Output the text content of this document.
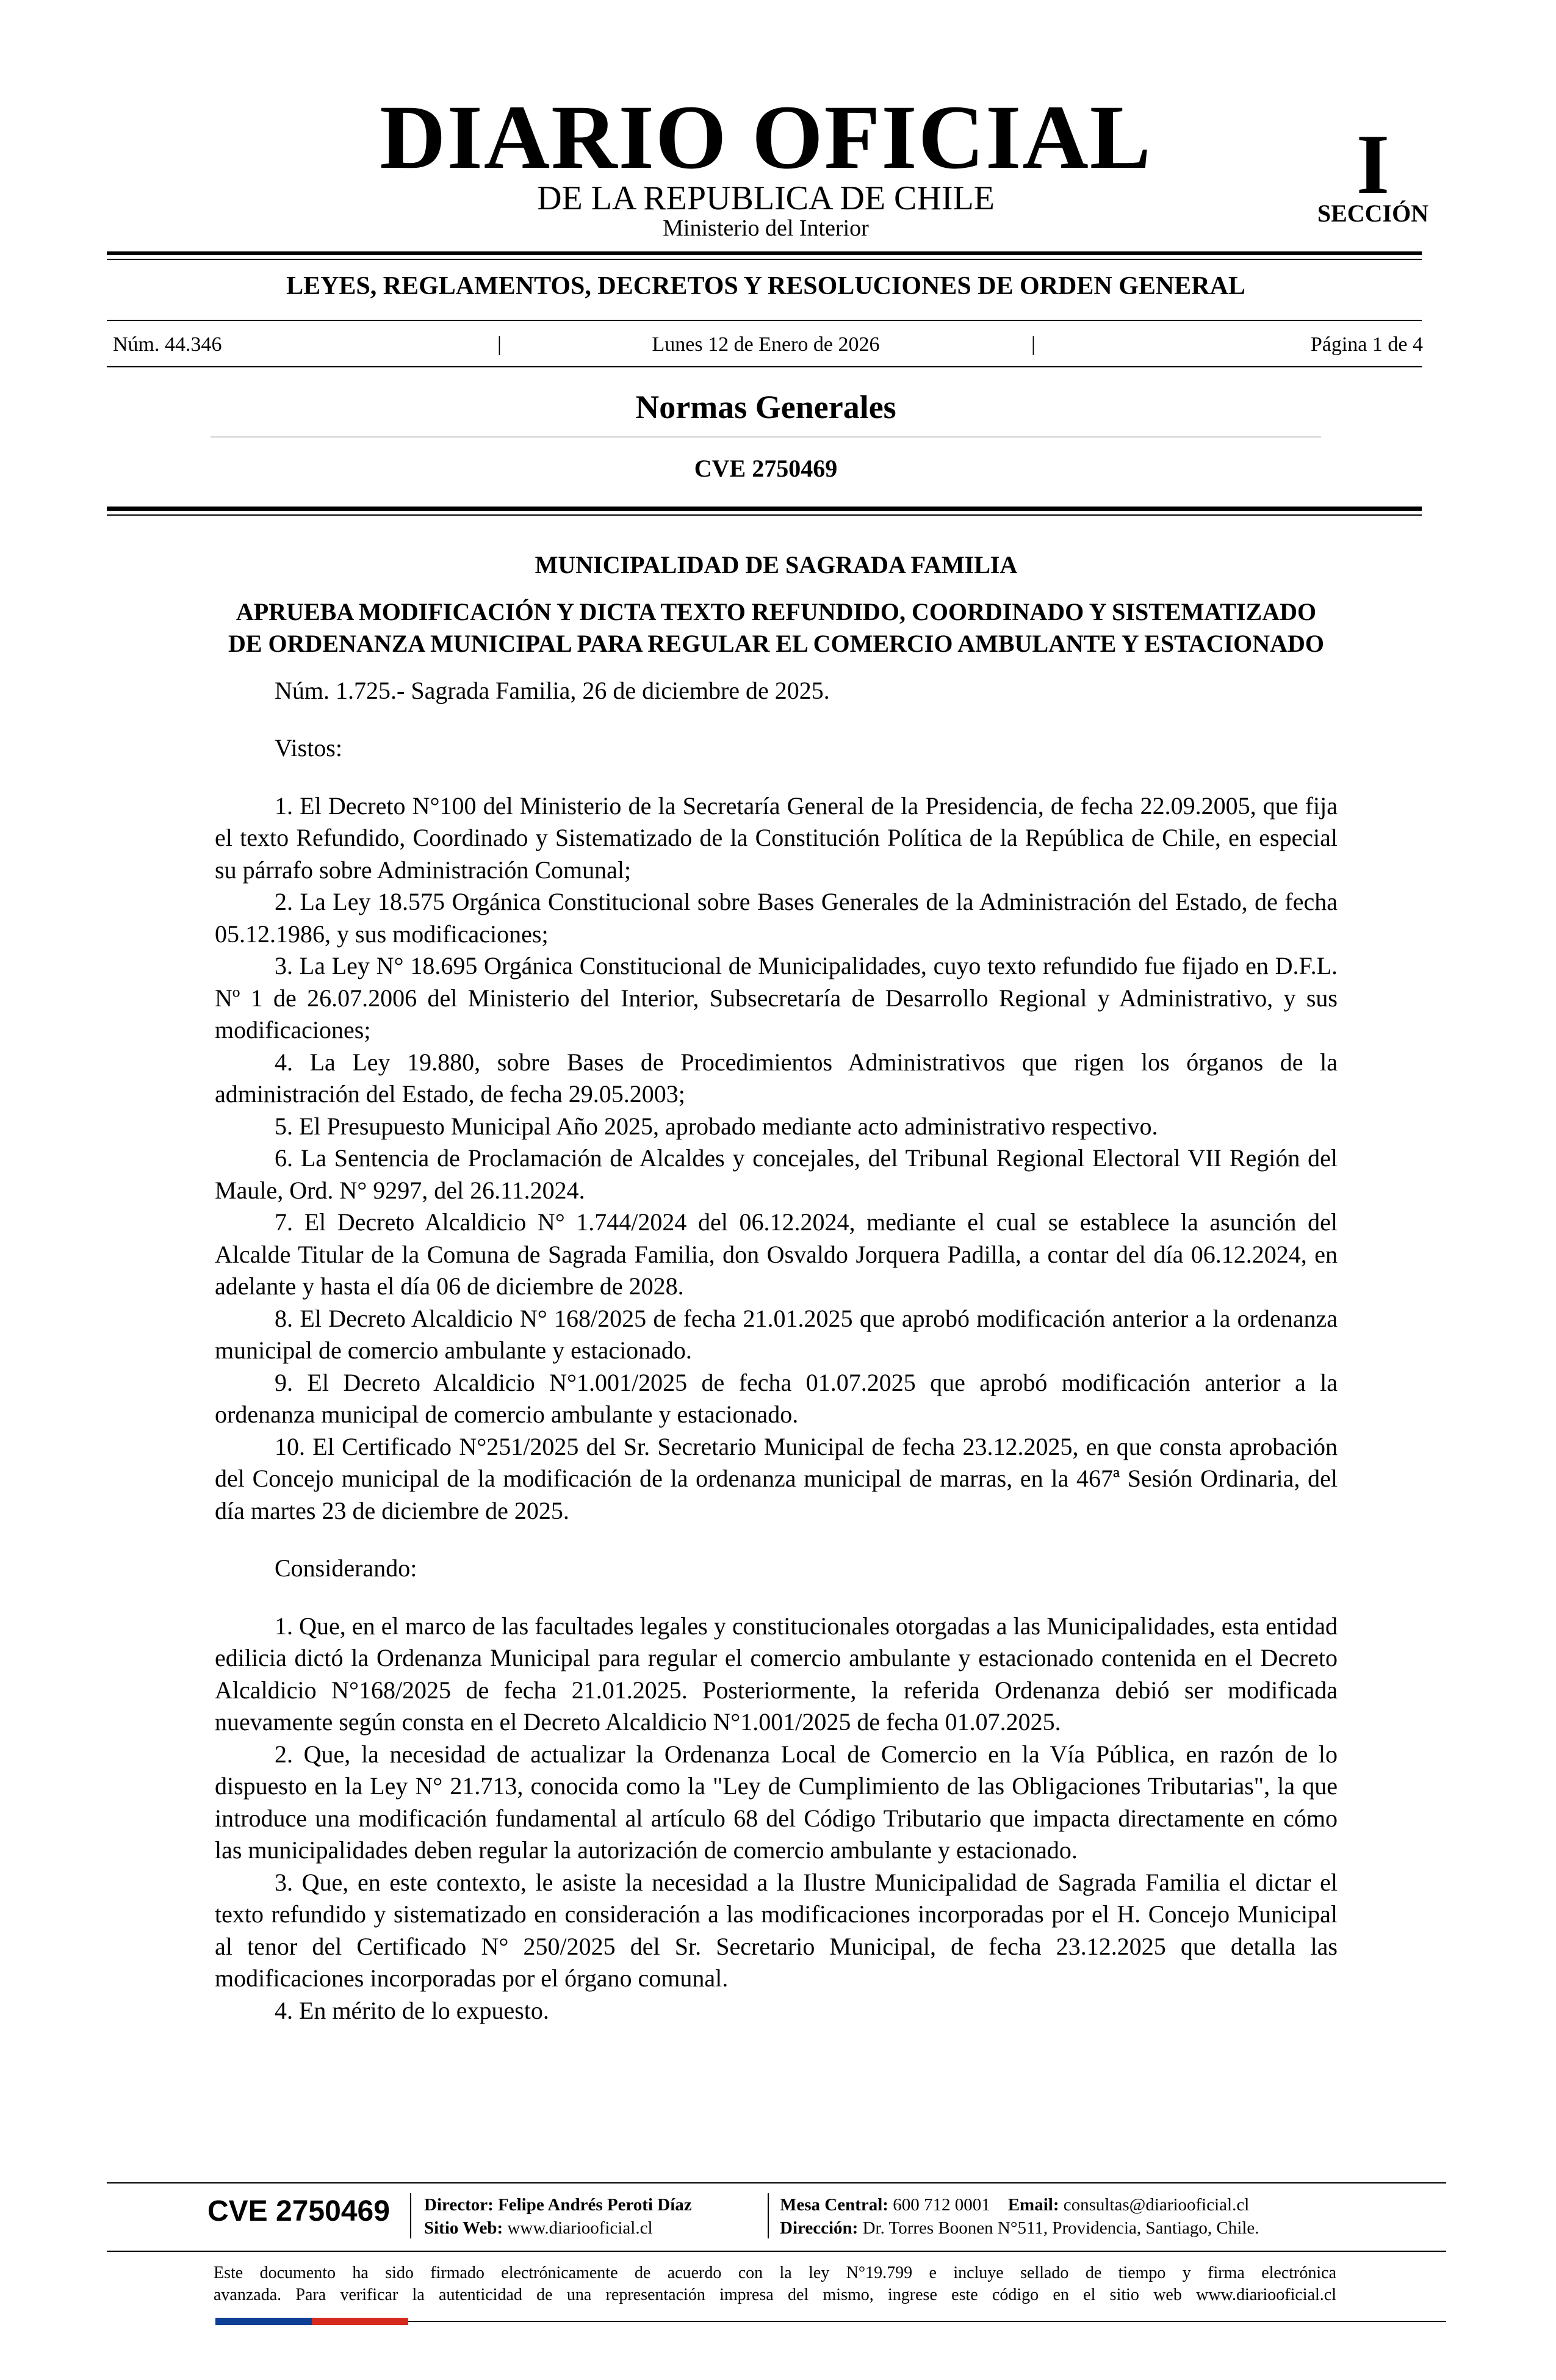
DIARIO OFICIAL
DE LA REPUBLICA DE CHILE
Ministerio del Interior
I
SECCIÓN
LEYES, REGLAMENTOS, DECRETOS Y RESOLUCIONES DE ORDEN GENERAL
Núm. 44.346	|	Lunes 12 de Enero de 2026	|	Página 1 de 4
Normas Generales
CVE 2750469

MUNICIPALIDAD DE SAGRADA FAMILIA

APRUEBA MODIFICACIÓN Y DICTA TEXTO REFUNDIDO, COORDINADO Y SISTEMATIZADO DE ORDENANZA MUNICIPAL PARA REGULAR EL COMERCIO AMBULANTE Y ESTACIONADO

Núm. 1.725.- Sagrada Familia, 26 de diciembre de 2025.

Vistos:

1. El Decreto N°100 del Ministerio de la Secretaría General de la Presidencia, de fecha 22.09.2005, que fija el texto Refundido, Coordinado y Sistematizado de la Constitución Política de la República de Chile, en especial su párrafo sobre Administración Comunal;

2. La Ley 18.575 Orgánica Constitucional sobre Bases Generales de la Administración del Estado, de fecha 05.12.1986, y sus modificaciones;

3. La Ley N° 18.695 Orgánica Constitucional de Municipalidades, cuyo texto refundido fue fijado en D.F.L. Nº 1 de 26.07.2006 del Ministerio del Interior, Subsecretaría de Desarrollo Regional y Administrativo, y sus modificaciones;

4. La Ley 19.880, sobre Bases de Procedimientos Administrativos que rigen los órganos de la administración del Estado, de fecha 29.05.2003;

5. El Presupuesto Municipal Año 2025, aprobado mediante acto administrativo respectivo.

6. La Sentencia de Proclamación de Alcaldes y concejales, del Tribunal Regional Electoral VII Región del Maule, Ord. N° 9297, del 26.11.2024.

7. El Decreto Alcaldicio N° 1.744/2024 del 06.12.2024, mediante el cual se establece la asunción del Alcalde Titular de la Comuna de Sagrada Familia, don Osvaldo Jorquera Padilla, a contar del día 06.12.2024, en adelante y hasta el día 06 de diciembre de 2028.

8. El Decreto Alcaldicio N° 168/2025 de fecha 21.01.2025 que aprobó modificación anterior a la ordenanza municipal de comercio ambulante y estacionado.

9. El Decreto Alcaldicio N°1.001/2025 de fecha 01.07.2025 que aprobó modificación anterior a la ordenanza municipal de comercio ambulante y estacionado.

10. El Certificado N°251/2025 del Sr. Secretario Municipal de fecha 23.12.2025, en que consta aprobación del Concejo municipal de la modificación de la ordenanza municipal de marras, en la 467ª Sesión Ordinaria, del día martes 23 de diciembre de 2025.

Considerando:

1. Que, en el marco de las facultades legales y constitucionales otorgadas a las Municipalidades, esta entidad edilicia dictó la Ordenanza Municipal para regular el comercio ambulante y estacionado contenida en el Decreto Alcaldicio N°168/2025 de fecha 21.01.2025. Posteriormente, la referida Ordenanza debió ser modificada nuevamente según consta en el Decreto Alcaldicio N°1.001/2025 de fecha 01.07.2025.

2. Que, la necesidad de actualizar la Ordenanza Local de Comercio en la Vía Pública, en razón de lo dispuesto en la Ley N° 21.713, conocida como la "Ley de Cumplimiento de las Obligaciones Tributarias", la que introduce una modificación fundamental al artículo 68 del Código Tributario que impacta directamente en cómo las municipalidades deben regular la autorización de comercio ambulante y estacionado.

3. Que, en este contexto, le asiste la necesidad a la Ilustre Municipalidad de Sagrada Familia el dictar el texto refundido y sistematizado en consideración a las modificaciones incorporadas por el H. Concejo Municipal al tenor del Certificado N° 250/2025 del Sr. Secretario Municipal, de fecha 23.12.2025 que detalla las modificaciones incorporadas por el órgano comunal.

4. En mérito de lo expuesto.

CVE 2750469 Director: Felipe Andrés Peroti Díaz
Sitio Web: www.diariooficial.cl
Mesa Central: 600 712 0001 Email: consultas@diariooficial.cl
Dirección: Dr. Torres Boonen N°511, Providencia, Santiago, Chile.
Este documento ha sido firmado electrónicamente de acuerdo con la ley N°19.799 e incluye sellado de tiempo y firma electrónica
avanzada. Para verificar la autenticidad de una representación impresa del mismo, ingrese este código en el sitio web www.diariooficial.cl
